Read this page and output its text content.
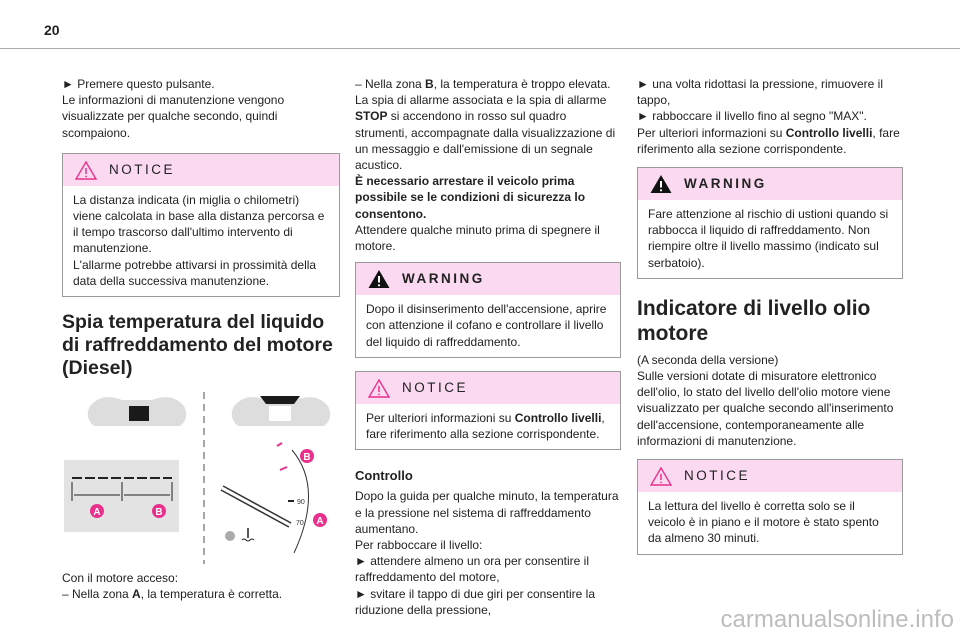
20

► Premere questo pulsante.

Le informazioni di manutenzione vengono visualizzate per qualche secondo, quindi scompaiono.

NOTICE

La distanza indicata (in miglia o chilometri) viene calcolata in base alla distanza percorsa e il tempo trascorso dall'ultimo intervento di manutenzione.

L'allarme potrebbe attivarsi in prossimità della data della successiva manutenzione.

Spia temperatura del liquido di raffreddamento del motore (Diesel)
A	B
90
70
B
A

Con il motore acceso:

– Nella zona A, la temperatura è corretta.

– Nella zona B, la temperatura è troppo elevata. La spia di allarme associata e la spia di allarme STOP si accendono in rosso sul quadro strumenti, accompagnate dalla visualizzazione di un messaggio e dall'emissione di un segnale acustico.

È necessario arrestare il veicolo prima possibile se le condizioni di sicurezza lo consentono.

Attendere qualche minuto prima di spegnere il motore.

WARNING

Dopo il disinserimento dell'accensione, aprire con attenzione il cofano e controllare il livello del liquido di raffreddamento.

NOTICE

Per ulteriori informazioni su Controllo livelli, fare riferimento alla sezione corrispondente.

Controllo

Dopo la guida per qualche minuto, la temperatura e la pressione nel sistema di raffreddamento aumentano.

Per rabboccare il livello:

► attendere almeno un ora per consentire il raffreddamento del motore,

► svitare il tappo di due giri per consentire la riduzione della pressione,

► una volta ridottasi la pressione, rimuovere il tappo,

► rabboccare il livello fino al segno "MAX".

Per ulteriori informazioni su Controllo livelli, fare riferimento alla sezione corrispondente.

WARNING

Fare attenzione al rischio di ustioni quando si rabbocca il liquido di raffreddamento. Non riempire oltre il livello massimo (indicato sul serbatoio).

Indicatore di livello olio motore

(A seconda della versione)

Sulle versioni dotate di misuratore elettronico dell'olio, lo stato del livello dell'olio motore viene visualizzato per qualche secondo all'inserimento dell'accensione, contemporaneamente alle informazioni di manutenzione.

NOTICE

La lettura del livello è corretta solo se il veicolo è in piano e il motore è stato spento da almeno 30 minuti.

carmanualsonline.info
